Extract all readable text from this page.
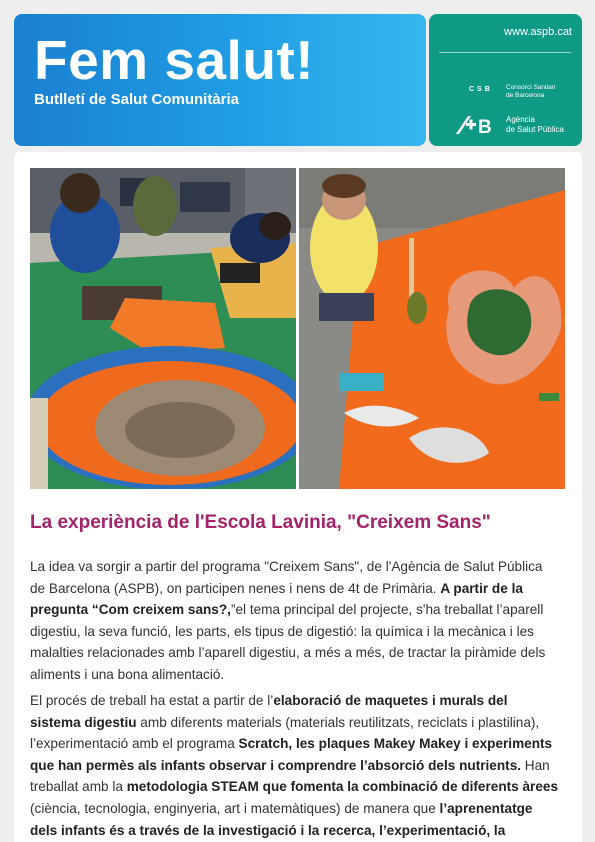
Fem salut!
Butlletí de Salut Comunitària
www.aspb.cat
CSB Consorci Sanitari
de Barcelona
B Agència
de Salut Pública
La experiència de l'Escola Lavinia, "Creixem Sans"
La idea va sorgir a partir del programa "Creixem Sans", de l'Agència de Salut Pública de Barcelona (ASPB), on participen nenes i nens de 4t de Primària. A partir de la pregunta “Com creixem sans?,”el tema principal del projecte, s'ha treballat l’aparell digestiu, la seva funció, les parts, els tipus de digestió: la química i la mecànica i les malalties relacionades amb l’aparell digestiu, a més a més, de tractar la piràmide dels aliments i una bona alimentació.
El procés de treball ha estat a partir de l’elaboració de maquetes i murals del sistema digestiu amb diferents materials (materials reutilitzats, reciclats i plastilina), l’experimentació amb el programa Scratch, les plaques Makey Makey i experiments que han permès als infants observar i comprendre l’absorció dels nutrients. Han treballat amb la metodologia STEAM que fomenta la combinació de diferents àrees (ciència, tecnologia, enginyeria, art i matemàtiques) de manera que l’aprenentatge dels infants és a través de la investigació i la recerca, l’experimentació, la
